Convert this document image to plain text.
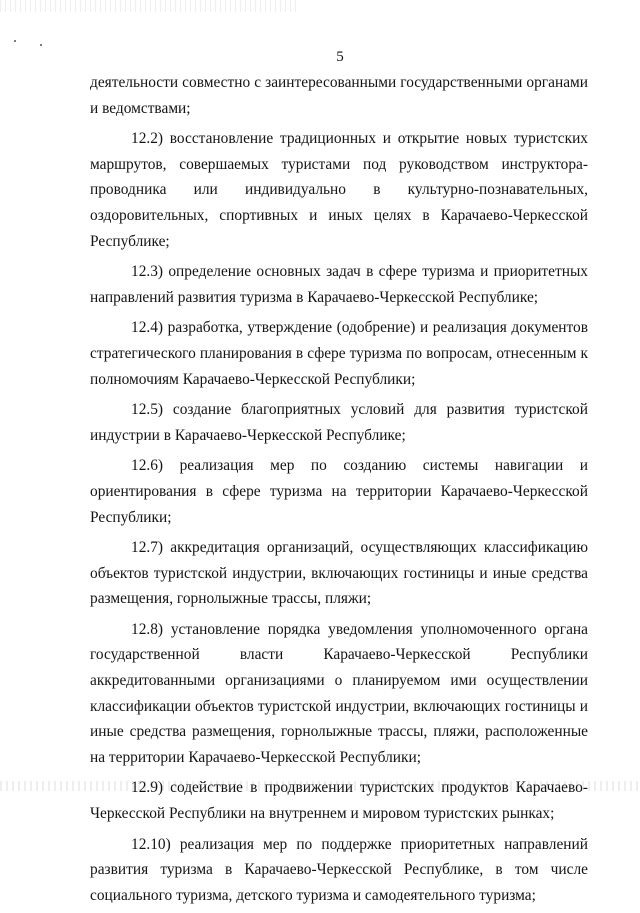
5

деятельности совместно с заинтересованными государственными органами и ведомствами;

12.2) восстановление традиционных и открытие новых туристских маршрутов, совершаемых туристами под руководством инструктора-проводника или индивидуально в культурно-познавательных, оздоровительных, спортивных и иных целях в Карачаево-Черкесской Республике;

12.3) определение основных задач в сфере туризма и приоритетных направлений развития туризма в Карачаево-Черкесской Республике;

12.4) разработка, утверждение (одобрение) и реализация документов стратегического планирования в сфере туризма по вопросам, отнесенным к полномочиям Карачаево-Черкесской Республики;

12.5) создание благоприятных условий для развития туристской индустрии в Карачаево-Черкесской Республике;

12.6) реализация мер по созданию системы навигации и ориентирования в сфере туризма на территории Карачаево-Черкесской Республики;

12.7) аккредитация организаций, осуществляющих классификацию объектов туристской индустрии, включающих гостиницы и иные средства размещения, горнолыжные трассы, пляжи;

12.8) установление порядка уведомления уполномоченного органа государственной власти Карачаево-Черкесской Республики аккредитованными организациями о планируемом ими осуществлении классификации объектов туристской индустрии, включающих гостиницы и иные средства размещения, горнолыжные трассы, пляжи, расположенные на территории Карачаево-Черкесской Республики;

12.9) содействие в продвижении туристских продуктов Карачаево-Черкесской Республики на внутреннем и мировом туристских рынках;

12.10) реализация мер по поддержке приоритетных направлений развития туризма в Карачаево-Черкесской Республике, в том числе социального туризма, детского туризма и самодеятельного туризма;
